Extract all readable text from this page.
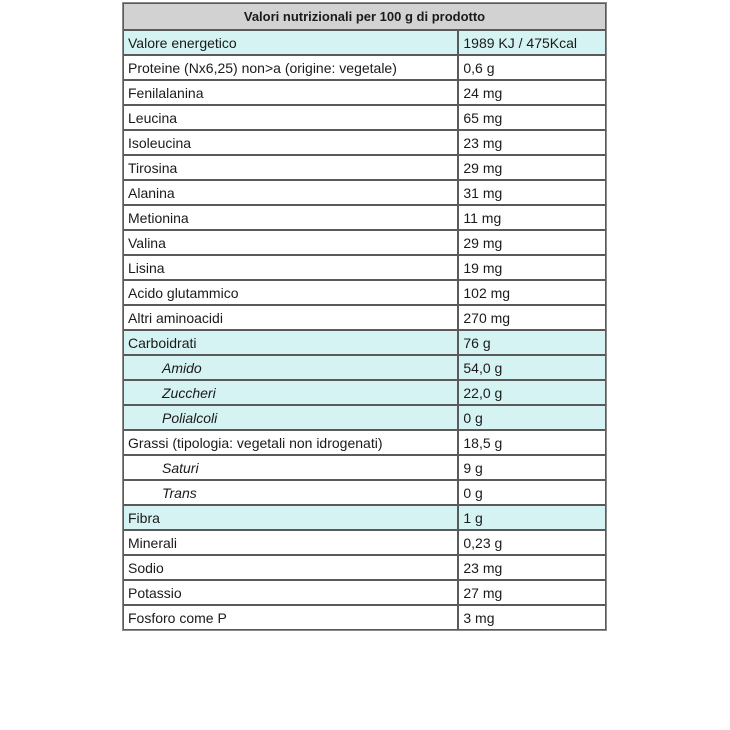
Valori nutrizionali per 100 g di prodotto	
Valore energetico	1989 KJ / 475Kcal
Proteine (Nx6,25) non>a (origine: vegetale)	0,6 g
Fenilalanina	24 mg
Leucina	65 mg
Isoleucina	23 mg
Tirosina	29 mg
Alanina	31 mg
Metionina	11 mg
Valina	29 mg
Lisina	19 mg
Acido glutammico	102 mg
Altri aminoacidi	270 mg
Carboidrati	76 g
Amido	54,0 g
Zuccheri	22,0 g
Polialcoli	0 g
Grassi (tipologia: vegetali non idrogenati)	18,5 g
Saturi	9 g
Trans	0 g
Fibra	1 g
Minerali	0,23 g
Sodio	23 mg
Potassio	27 mg
Fosforo come P	3 mg
